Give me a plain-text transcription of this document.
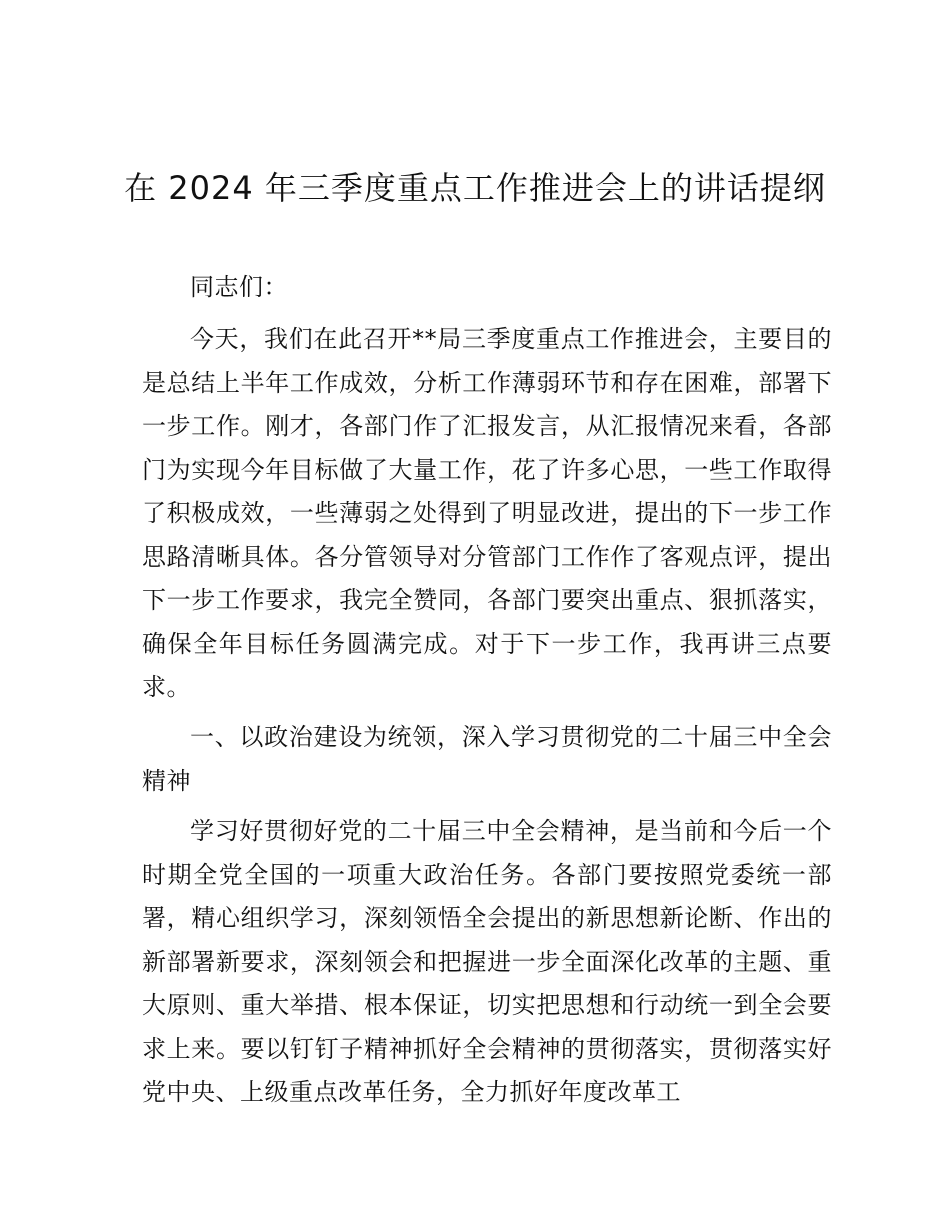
在 2024 年三季度重点工作推进会上的讲话提纲

同志们：

今天，我们在此召开**局三季度重点工作推进会，主要目的是总结上半年工作成效，分析工作薄弱环节和存在困难，部署下一步工作。刚才，各部门作了汇报发言，从汇报情况来看，各部门为实现今年目标做了大量工作，花了许多心思，一些工作取得了积极成效，一些薄弱之处得到了明显改进，提出的下一步工作思路清晰具体。各分管领导对分管部门工作作了客观点评，提出下一步工作要求，我完全赞同，各部门要突出重点、狠抓落实，确保全年目标任务圆满完成。对于下一步工作，我再讲三点要求。

一、以政治建设为统领，深入学习贯彻党的二十届三中全会精神

学习好贯彻好党的二十届三中全会精神，是当前和今后一个时期全党全国的一项重大政治任务。各部门要按照党委统一部署，精心组织学习，深刻领悟全会提出的新思想新论断、作出的新部署新要求，深刻领会和把握进一步全面深化改革的主题、重大原则、重大举措、根本保证，切实把思想和行动统一到全会要求上来。要以钉钉子精神抓好全会精神的贯彻落实，贯彻落实好党中央、上级重点改革任务，全力抓好年度改革工
